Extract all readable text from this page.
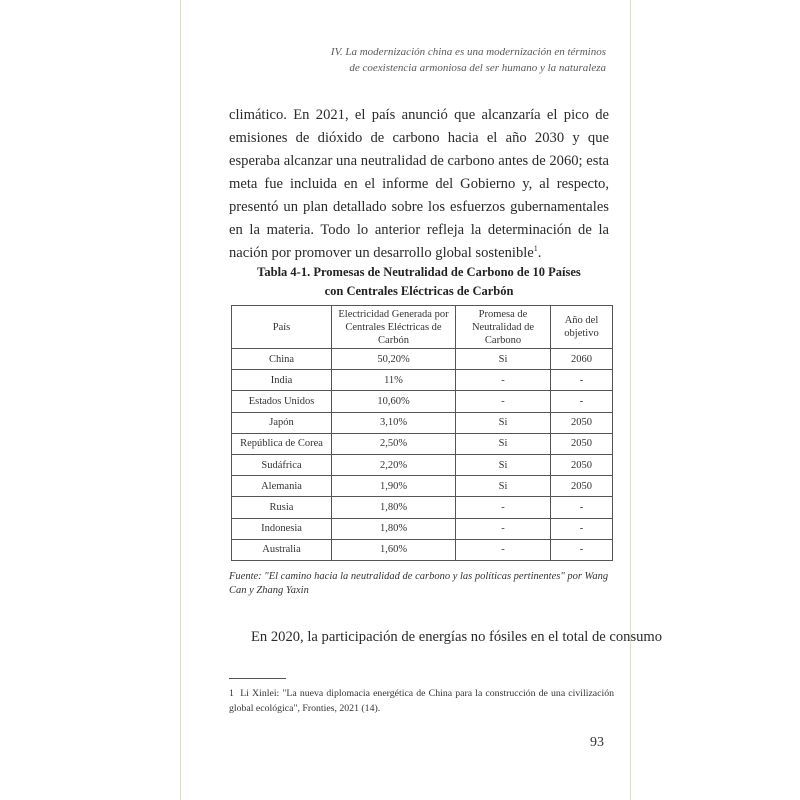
IV. La modernización china es una modernización en términos
de coexistencia armoniosa del ser humano y la naturaleza
climático. En 2021, el país anunció que alcanzaría el pico de emisiones de dióxido de carbono hacia el año 2030 y que esperaba alcanzar una neutralidad de carbono antes de 2060; esta meta fue incluida en el informe del Gobierno y, al respecto, presentó un plan detallado sobre los esfuerzos gubernamentales en la materia. Todo lo anterior refleja la determinación de la nación por promover un desarrollo global sostenible$^1$.
Tabla 4-1. Promesas de Neutralidad de Carbono de 10 Países
con Centrales Eléctricas de Carbón
País	Electricidad Generada por Centrales Eléctricas de Carbón	Promesa de Neutralidad de Carbono	Año del objetivo
China	50,20%	Si	2060
India	11%	-	-
Estados Unidos	10,60%	-	-
Japón	3,10%	Si	2050
República de Corea	2,50%	Si	2050
Sudáfrica	2,20%	Si	2050
Alemania	1,90%	Si	2050
Rusia	1,80%	-	-
Indonesia	1,80%	-	-
Australia	1,60%	-	-
Fuente: "El camino hacia la neutralidad de carbono y las políticas pertinentes" por Wang Can y Zhang Yaxin
En 2020, la participación de energías no fósiles en el total de consumo
1 Li Xinlei: "La nueva diplomacia energética de China para la construcción de una civilización global ecológica", Fronties, 2021 (14).
93
